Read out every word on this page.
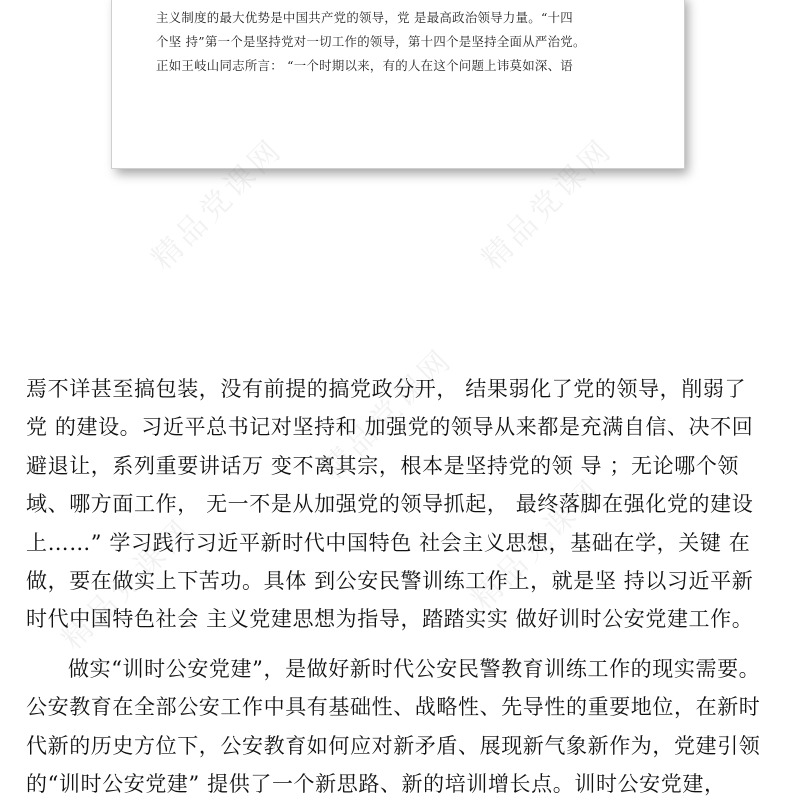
主义制度的最大优势是中国共产党的领导，党 是最高政治领导力量。“十四
个坚 持”第一个是坚持党对一切工作的领导，第十四个是坚持全面从严治党。
正如王岐山同志所言： “一个时期以来，有的人在这个问题上讳莫如深、语
精品党课网	精品党课网
精品党课网
精品党课网	精品党课网
焉不详甚至搞包装，没有前提的搞党政分开， 结果弱化了党的领导，削弱了
党 的建设。习近平总书记对坚持和 加强党的领导从来都是充满自信、决不回
避退让，系列重要讲话万 变不离其宗，根本是坚持党的领 导 ；无论哪个领
域、哪方面工作， 无一不是从加强党的领导抓起， 最终落脚在强化党的建设
上……” 学习践行习近平新时代中国特色 社会主义思想，基础在学，关键 在
做，要在做实上下苦功。具体 到公安民警训练工作上，就是坚 持以习近平新
时代中国特色社会 主义党建思想为指导，踏踏实实 做好训时公安党建工作。
做实“训时公安党建”，是做好新时代公安民警教育训练工作的现实需要。
公安教育在全部公安工作中具有基础性、战略性、先导性的重要地位，在新时
代新的历史方位下，公安教育如何应对新矛盾、展现新气象新作为，党建引领
的“训时公安党建” 提供了一个新思路、新的培训增长点。训时公安党建，
